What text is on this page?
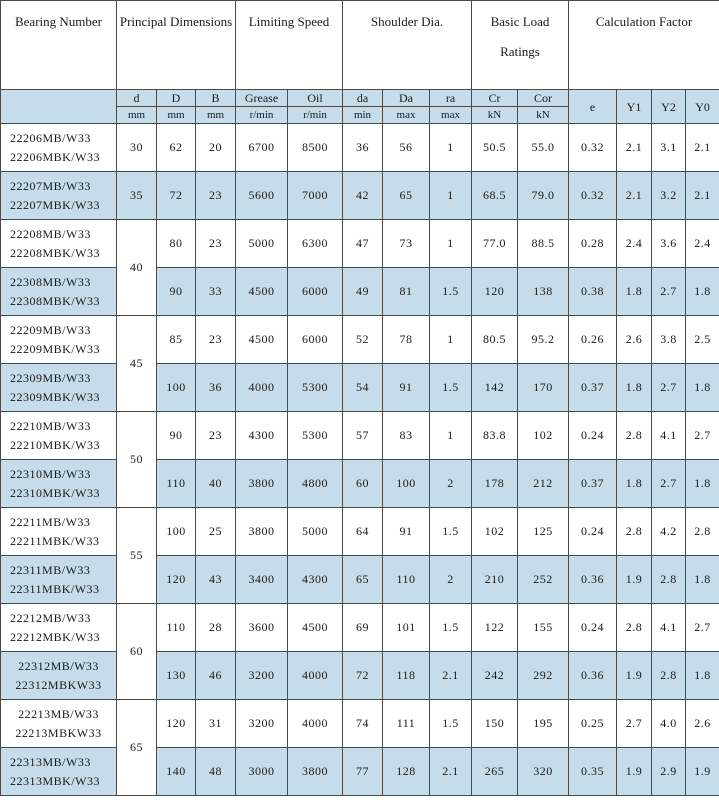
Bearing Number	Principal Dimensions			Limiting Speed		Shoulder Dia.			Basic Load Ratings		Calculation Factor			
	d	D	B	Grease	Oil	da	Da	ra	Cr	Cor	e	Y1	Y2	Y0
	mm	mm	mm	r/min	r/min	min	max	max	kN	kN				

22206MB/W33
22206MBK/W33	30	62	20	6700	8500	36	56	1	50.5	55.0	0.32	2.1	3.1	2.1

22207MB/W33
22207MBK/W33	35	72	23	5600	7000	42	65	1	68.5	79.0	0.32	2.1	3.2	2.1

22208MB/W33
22208MBK/W33	40	80	23	5000	6300	47	73	1	77.0	88.5	0.28	2.4	3.6	2.4

22308MB/W33
22308MBK/W33		90	33	4500	6000	49	81	1.5	120	138	0.38	1.8	2.7	1.8

22209MB/W33
22209MBK/W33	45	85	23	4500	6000	52	78	1	80.5	95.2	0.26	2.6	3.8	2.5

22309MB/W33
22309MBK/W33		100	36	4000	5300	54	91	1.5	142	170	0.37	1.8	2.7	1.8

22210MB/W33
22210MBK/W33	50	90	23	4300	5300	57	83	1	83.8	102	0.24	2.8	4.1	2.7

22310MB/W33
22310MBK/W33		110	40	3800	4800	60	100	2	178	212	0.37	1.8	2.7	1.8

22211MB/W33
22211MBK/W33	55	100	25	3800	5000	64	91	1.5	102	125	0.24	2.8	4.2	2.8

22311MB/W33
22311MBK/W33		120	43	3400	4300	65	110	2	210	252	0.36	1.9	2.8	1.8

22212MB/W33
22212MBK/W33	60	110	28	3600	4500	69	101	1.5	122	155	0.24	2.8	4.1	2.7

22312MB/W33
22312MBKW33		130	46	3200	4000	72	118	2.1	242	292	0.36	1.9	2.8	1.8

22213MB/W33
22213MBKW33	65	120	31	3200	4000	74	111	1.5	150	195	0.25	2.7	4.0	2.6

22313MB/W33
22313MBK/W33		140	48	3000	3800	77	128	2.1	265	320	0.35	1.9	2.9	1.9
